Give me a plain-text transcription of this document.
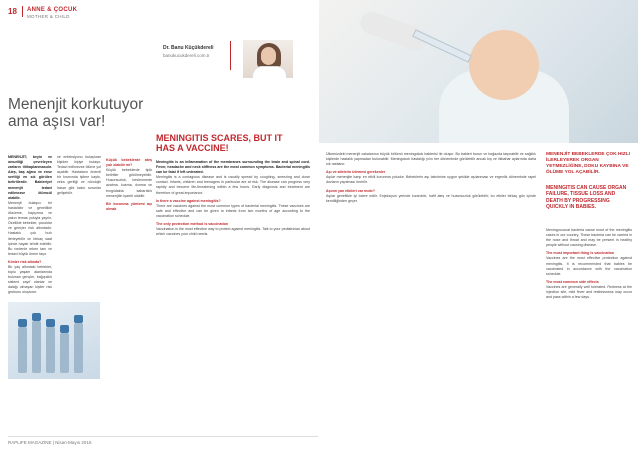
18 ANNE & ÇOCUK
MOTHER & CHILD
Dr. Banu Küçükdereli
banukucukdereli.com.tr
Menenjit korkutuyor ama aşısı var!

MENENJİT; beyin ve omuriliği çevreleyen zarların iltihaplanmasıdır. Ateş, baş ağrısı ve ense sertliği en sık görülen belirtilerdir. Bakteriyel menenjit tedavi edilmezse ölümcül olabilir.

Menenjit bulaşıcı bir hastalıktır ve genellikle öksürme, hapşırma ve yakın temas yoluyla yayılır. Özellikle bebekler, çocuklar ve gençler risk altındadır. Hastalık çok hızlı ilerleyebilir ve birkaç saat içinde hayatı tehdit edebilir. Bu nedenle erken tanı ve tedavi büyük önem taşır.

Kimler risk altında?

Bir yaş altındaki bebekler, toplu yaşam alanlarında bulunan gençler, bağışıklık sistemi zayıf olanlar ve dalağı olmayan kişiler risk grubunu oluşturur.

ve enfeksiyonu bulaştıran kişiden kişiye bulaşır. Tedavi edilmezse ölüme yol açabilir. Hastaların önemli bir kısmında işitme kaybı, zeka geriliği ve nörolojik hasar gibi kalıcı sorunlar gelişebilir.

Küçük bebeklerde ateş yok olabilir mi?

Küçük bebeklerde tipik belirtiler görülmeyebilir. Huzursuzluk, beslenmede azalma, kusma, ıkınma ve bıngıldakta kabarıklık menenjitin işareti olabilir.

Bir korunma yöntemi aşı olmak

MENINGITIS SCARES, BUT IT HAS A VACCINE!

Meningitis is an inflammation of the membranes surrounding the brain and spinal cord. Fever, headache and neck stiffness are the most common symptoms. Bacterial meningitis can be fatal if left untreated.

Meningitis is a contagious disease and is usually spread by coughing, sneezing and close contact. Infants, children and teenagers in particular are at risk. The disease can progress very rapidly and become life-threatening within a few hours. Early diagnosis and treatment are therefore of great importance.

Is there a vaccine against meningitis?

There are vaccines against the most common types of bacterial meningitis. These vaccines are safe and effective and can be given to infants from two months of age according to the vaccination schedule.

The only protection method is vaccination

Vaccination is the most effective way to protect against meningitis. Talk to your pediatrician about which vaccines your child needs.

Ülkemizdeki menenjit vakalarının büyük bölümü meningokok bakterisi ile oluşur. Bu bakteri burun ve boğazda taşınabilir ve sağlıklı kişilerde hastalık yapmadan bulunabilir. Meningokok hastalığı yılın her döneminde görülebilir ancak kış ve ilkbahar aylarında daha sık rastlanır.

Aşı ve ailelerin izlemesi gerekenler

Aşılar menenjite karşı en etkili korunma yoludur. Bebeklerin aşı takvimine uygun şekilde aşılanması ve ergenlik döneminde rapel dozların yapılması önerilir.

Aşının yan etkileri var mıdır?

Aşılar genellikle iyi tolere edilir. Enjeksiyon yerinde kızarıklık, hafif ateş ve huzursuzluk görülebilir; bu etkiler birkaç gün içinde kendiliğinden geçer.

MENENJİT BEBEKLERDE ÇOK HIZLI İLERLEYEREK ORGAN YETMEZLİĞİNE, DOKU KAYBINA VE ÖLÜME YOL AÇABİLİR.
MENINGITIS CAN CAUSE ORGAN FAILURE, TISSUE LOSS AND DEATH BY PROGRESSING QUICKLY IN BABIES.

Meningococcal bacteria cause most of the meningitis cases in our country. These bacteria can be carried in the nose and throat and may be present in healthy people without causing disease.

The most important thing is vaccination

Vaccines are the most effective protection against meningitis. It is recommended that babies be vaccinated in accordance with the vaccination schedule.

The most common side effects

Vaccines are generally well tolerated. Redness at the injection site, mild fever and restlessness may occur and pass within a few days.

RAPLIFE MAGAZINE | Nisan-Mayıs 2016
